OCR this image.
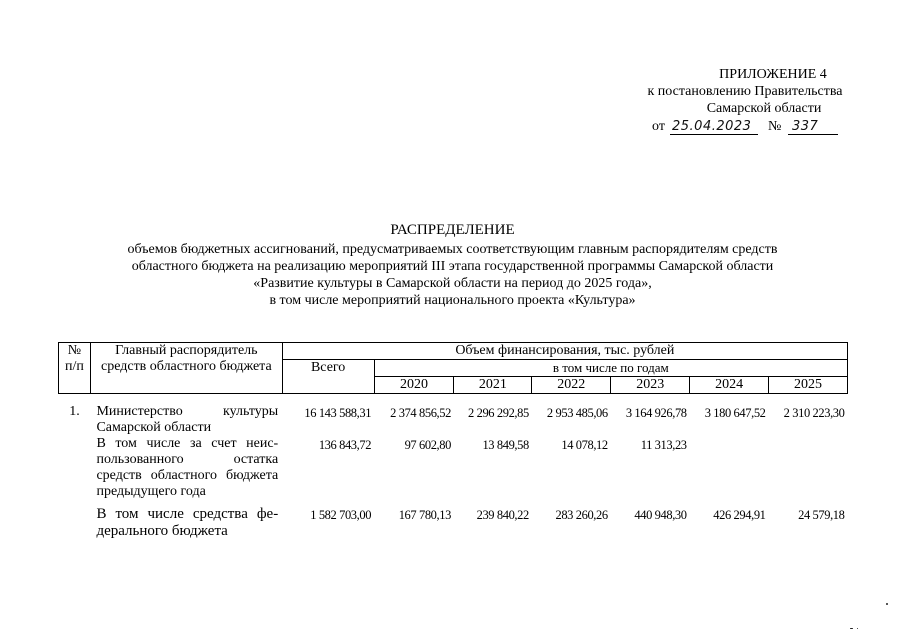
ПРИЛОЖЕНИЕ 4
к постановлению Правительства
Самарской области
от 25.04.2023 № 337
РАСПРЕДЕЛЕНИЕ
объемов бюджетных ассигнований, предусматриваемых соответствующим главным распорядителям средств
областного бюджета на реализацию мероприятий III этапа государственной программы Самарской области
«Развитие культуры в Самарской области на период до 2025 года»,
в том числе мероприятий национального проекта «Культура»
№ п/п	Главный распорядитель средств областного бюджета	Объем финансирования, тыс. рублей						
		Всего	в том числе по годам					
			2020	2021	2022	2023	2024	2025

1.	Министерство культуры Самарской области	16 143 588,31	2 374 856,52	2 296 292,85	2 953 485,06	3 164 926,78	3 180 647,52	2 310 223,30
	В том числе за счет неиспользованного остатка средств областного бюджета предыдущего года	136 843,72	97 602,80	13 849,58	14 078,12	11 313,23		

	В том числе средства федерального бюджета	1 582 703,00	167 780,13	239 840,22	283 260,26	440 948,30	426 294,91	24 579,18
